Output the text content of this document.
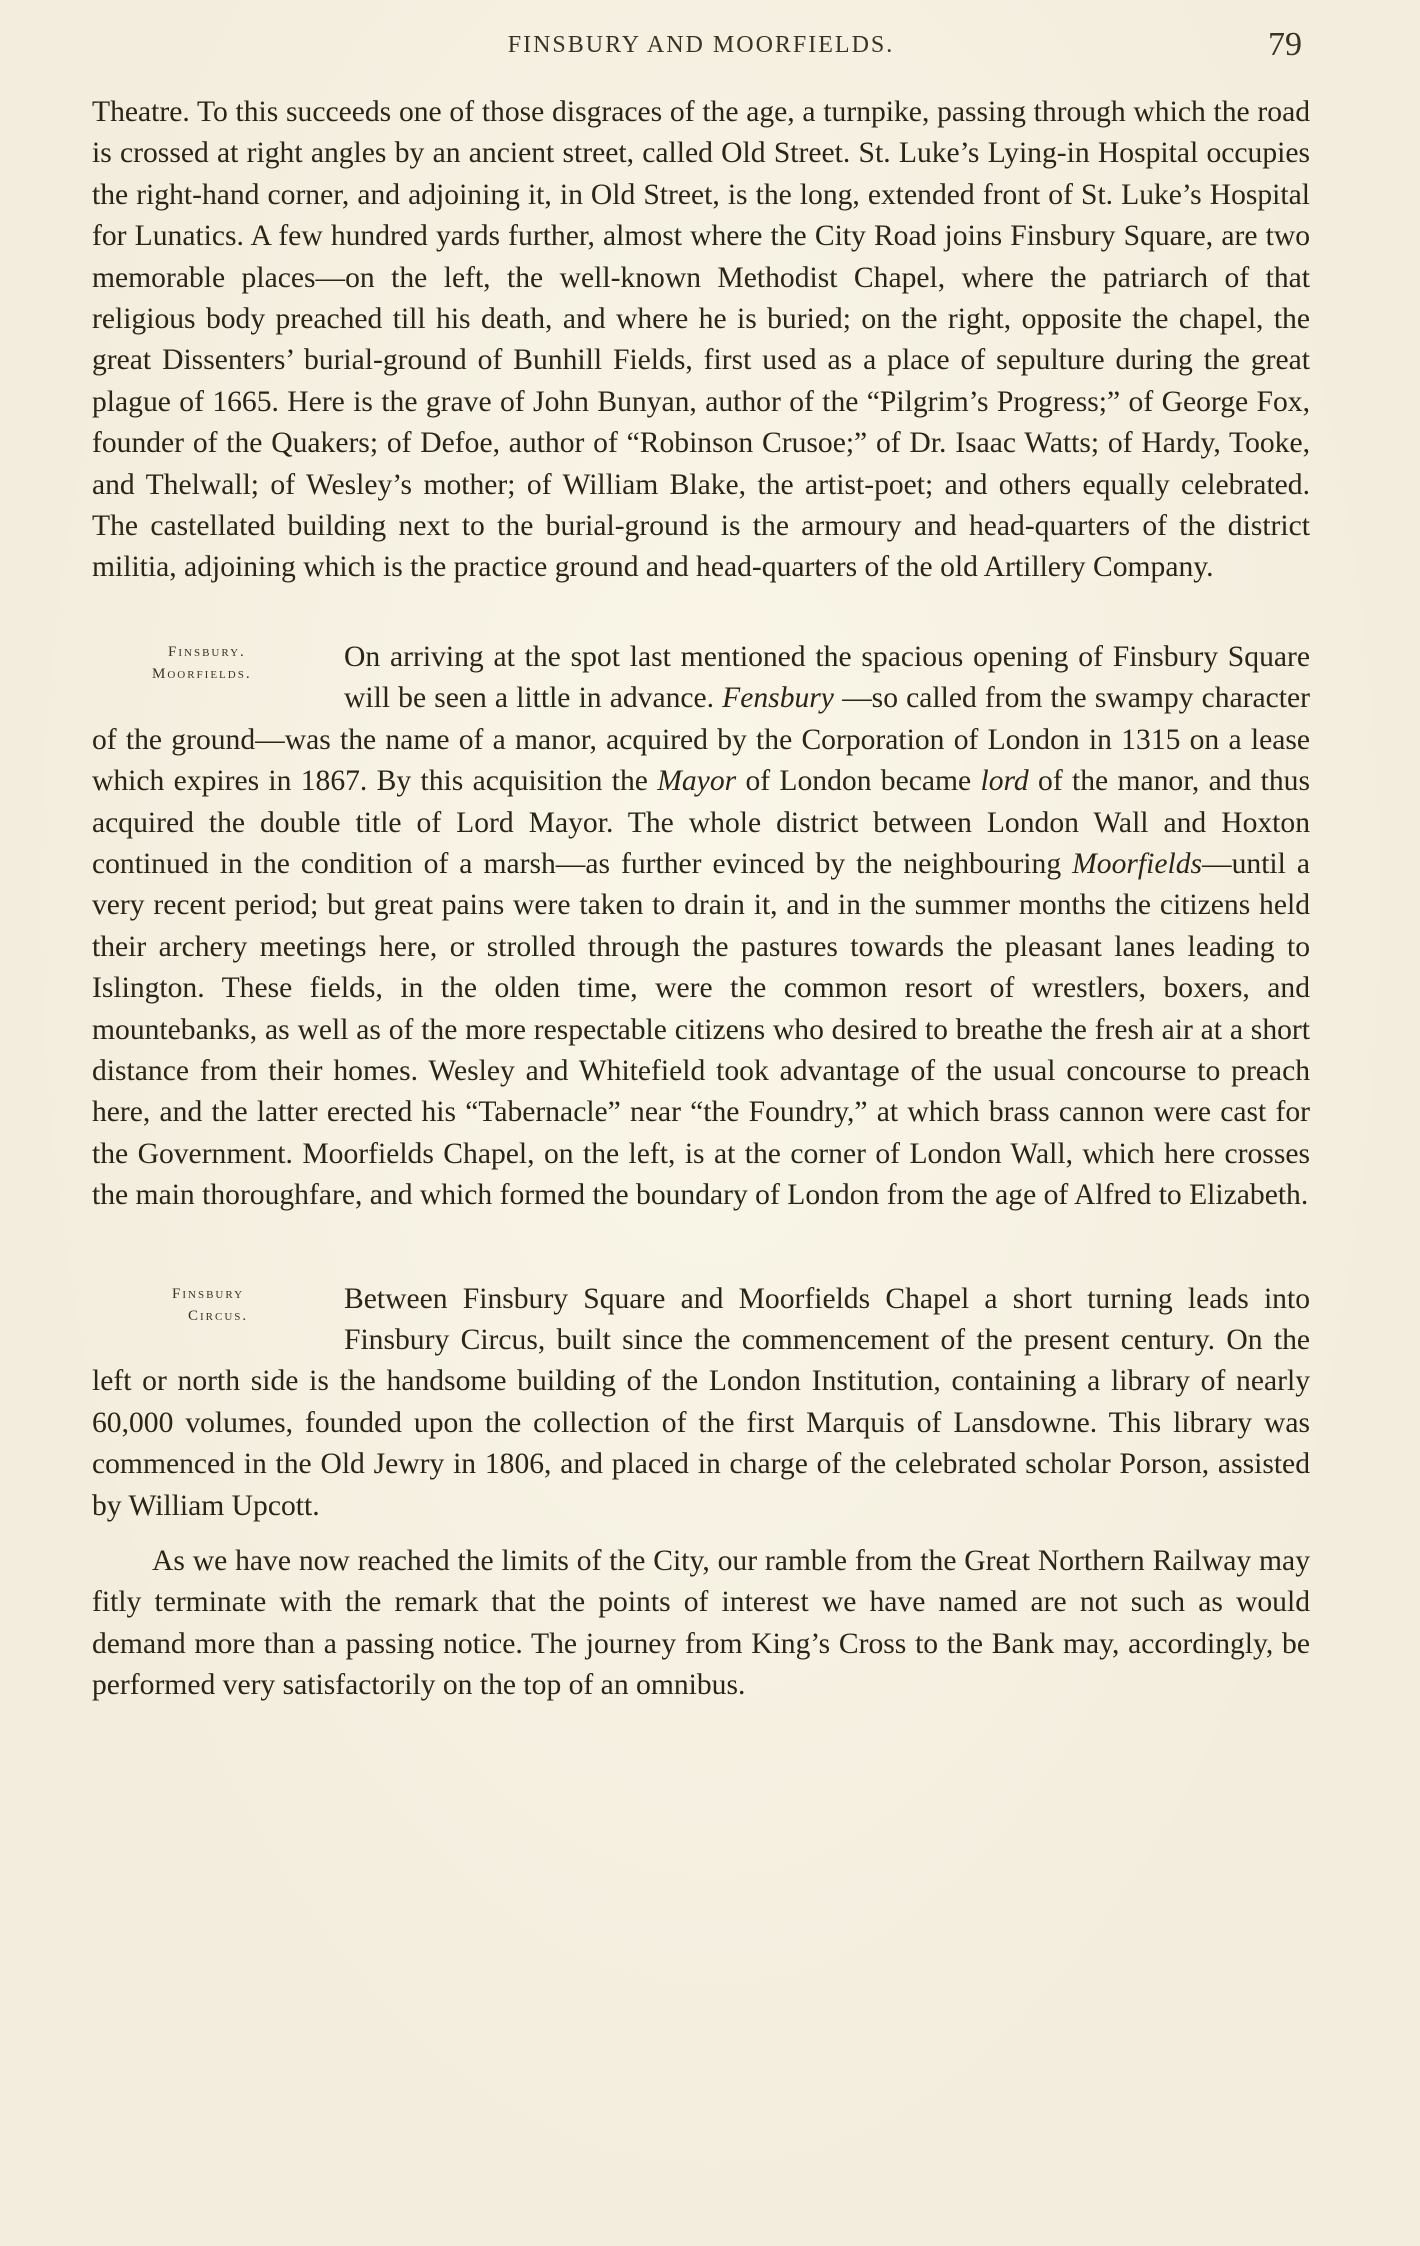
FINSBURY AND MOORFIELDS.	79

Theatre. To this succeeds one of those disgraces of the age, a turnpike, passing through which the road is crossed at right angles by an ancient street, called Old Street. St. Luke’s Lying-in Hospital occupies the right-hand corner, and adjoining it, in Old Street, is the long, extended front of St. Luke’s Hospital for Lunatics. A few hundred yards further, almost where the City Road joins Finsbury Square, are two memorable places—on the left, the well-known Methodist Chapel, where the patriarch of that religious body preached till his death, and where he is buried; on the right, opposite the chapel, the great Dissenters’ burial-ground of Bunhill Fields, first used as a place of sepulture during the great plague of 1665. Here is the grave of John Bunyan, author of the “Pilgrim’s Progress;” of George Fox, founder of the Quakers; of Defoe, author of “Robinson Crusoe;” of Dr. Isaac Watts; of Hardy, Tooke, and Thelwall; of Wesley’s mother; of William Blake, the artist-poet; and others equally celebrated. The castellated building next to the burial-ground is the armoury and head-quarters of the district militia, adjoining which is the practice ground and head-quarters of the old Artillery Company.

Finsbury.
Moorfields.

On arriving at the spot last mentioned the spacious opening of Finsbury Square will be seen a little in advance. Fensbury —so called from the swampy character of the ground—was the name of a manor, acquired by the Corporation of London in 1315 on a lease which expires in 1867. By this acquisition the Mayor of London became lord of the manor, and thus acquired the double title of Lord Mayor. The whole district between London Wall and Hoxton continued in the condition of a marsh—as further evinced by the neighbouring Moorfields—until a very recent period; but great pains were taken to drain it, and in the summer months the citizens held their archery meetings here, or strolled through the pastures towards the pleasant lanes leading to Islington. These fields, in the olden time, were the common resort of wrestlers, boxers, and mountebanks, as well as of the more respectable citizens who desired to breathe the fresh air at a short distance from their homes. Wesley and Whitefield took advantage of the usual concourse to preach here, and the latter erected his “Tabernacle” near “the Foundry,” at which brass cannon were cast for the Government. Moorfields Chapel, on the left, is at the corner of London Wall, which here crosses the main thoroughfare, and which formed the boundary of London from the age of Alfred to Elizabeth.

Finsbury
Circus.

Between Finsbury Square and Moorfields Chapel a short turning leads into Finsbury Circus, built since the commencement of the present century. On the left or north side is the handsome building of the London Institution, containing a library of nearly 60,000 volumes, founded upon the collection of the first Marquis of Lansdowne. This library was commenced in the Old Jewry in 1806, and placed in charge of the celebrated scholar Porson, assisted by William Upcott.

As we have now reached the limits of the City, our ramble from the Great Northern Railway may fitly terminate with the remark that the points of interest we have named are not such as would demand more than a passing notice. The journey from King’s Cross to the Bank may, accordingly, be performed very satisfactorily on the top of an omnibus.
